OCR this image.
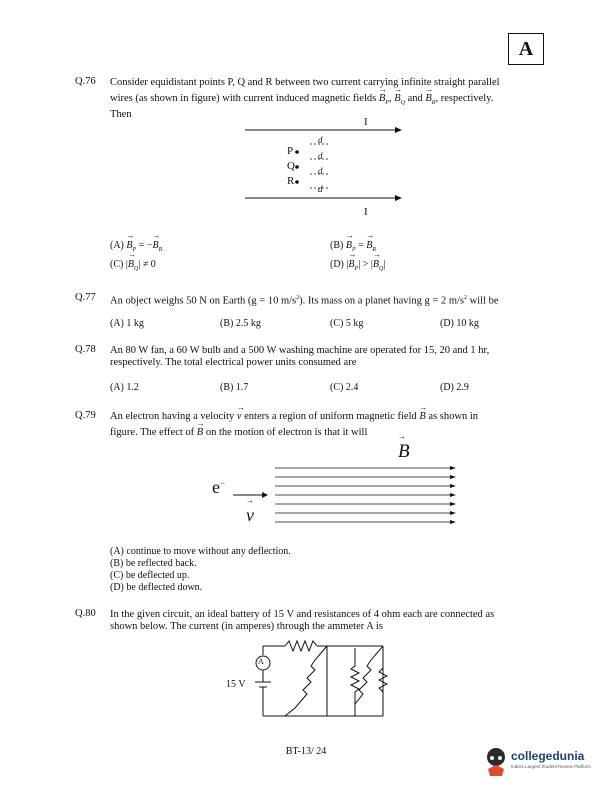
A
Q.76 Consider equidistant points P, Q and R between two current carrying infinite straight parallel
wires (as shown in figure) with current induced magnetic fields → $B_P$, → $B_Q$ and → $B_R$, respectively.
Then
I
I
P
Q
R
d
d
d
d
$(A) \to B_P$ = −→ $B_R$	$(B) \to B_P$ = → $B_R$
(C) |→ $B_Q| \ne 0$	(D) |→ $B_P|$ > |→ $B_Q|$
Q.77 An object weighs 50 N on Earth (g = 10 $m/s^2$). Its mass on a planet having g = 2 $m/s^2$ will be
(A) 1 kg	(B) 2.5 kg	(C) 5 kg	(D) 10 kg
Q.78 An 80 W fan, a 60 W bulb and a 500 W washing machine are operated for 15, 20 and 1 hr,
respectively. The total electrical power units consumed are
(A) 1.2	(B) 1.7	(C) 2.4	(D) 2.9
Q.79 An electron having a velocity → v enters a region of uniform magnetic field → B as shown in
figure. The effect of → B on the motion of electron is that it will
→ B
e−
→ v
(A) continue to move without any deflection.
(B) be reflected back.
(C) be deflected up.
(D) be deflected down.
Q.80 In the given circuit, an ideal battery of 15 V and resistances of 4 ohm each are connected as
shown below. The current (in amperes) through the ammeter A is
A
15 V
BT-13/ 24	collegedunia
India's Largest Student Review Platform
